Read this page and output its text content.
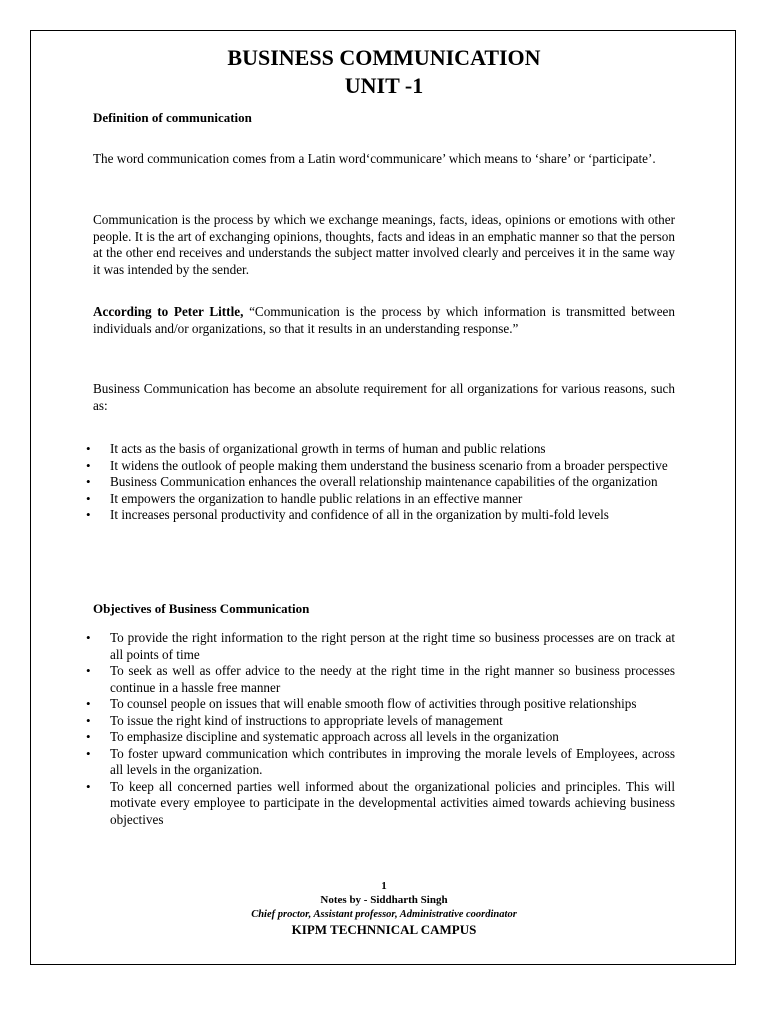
BUSINESS COMMUNICATION
UNIT -1

Definition of communication

The word communication comes from a Latin word‘communicare’ which means to ‘share’ or ‘participate’.

Communication is the process by which we exchange meanings, facts, ideas, opinions or emotions with other people. It is the art of exchanging opinions, thoughts, facts and ideas in an emphatic manner so that the person at the other end receives and understands the subject matter involved clearly and perceives it in the same way it was intended by the sender.

According to Peter Little, “Communication is the process by which information is transmitted between individuals and/or organizations, so that it results in an understanding response.”

Business Communication has become an absolute requirement for all organizations for various reasons, such as:

• It acts as the basis of organizational growth in terms of human and public relations
• It widens the outlook of people making them understand the business scenario from a broader perspective
• Business Communication enhances the overall relationship maintenance capabilities of the organization
• It empowers the organization to handle public relations in an effective manner
• It increases personal productivity and confidence of all in the organization by multi-fold levels

Objectives of Business Communication

• To provide the right information to the right person at the right time so business processes are on track at all points of time
• To seek as well as offer advice to the needy at the right time in the right manner so business processes continue in a hassle free manner
• To counsel people on issues that will enable smooth flow of activities through positive relationships
• To issue the right kind of instructions to appropriate levels of management
• To emphasize discipline and systematic approach across all levels in the organization
• To foster upward communication which contributes in improving the morale levels of Employees, across all levels in the organization.
• To keep all concerned parties well informed about the organizational policies and principles. This will motivate every employee to participate in the developmental activities aimed towards achieving business objectives

1

Notes by - Siddharth Singh

Chief proctor, Assistant professor, Administrative coordinator

KIPM TECHNNICAL CAMPUS
